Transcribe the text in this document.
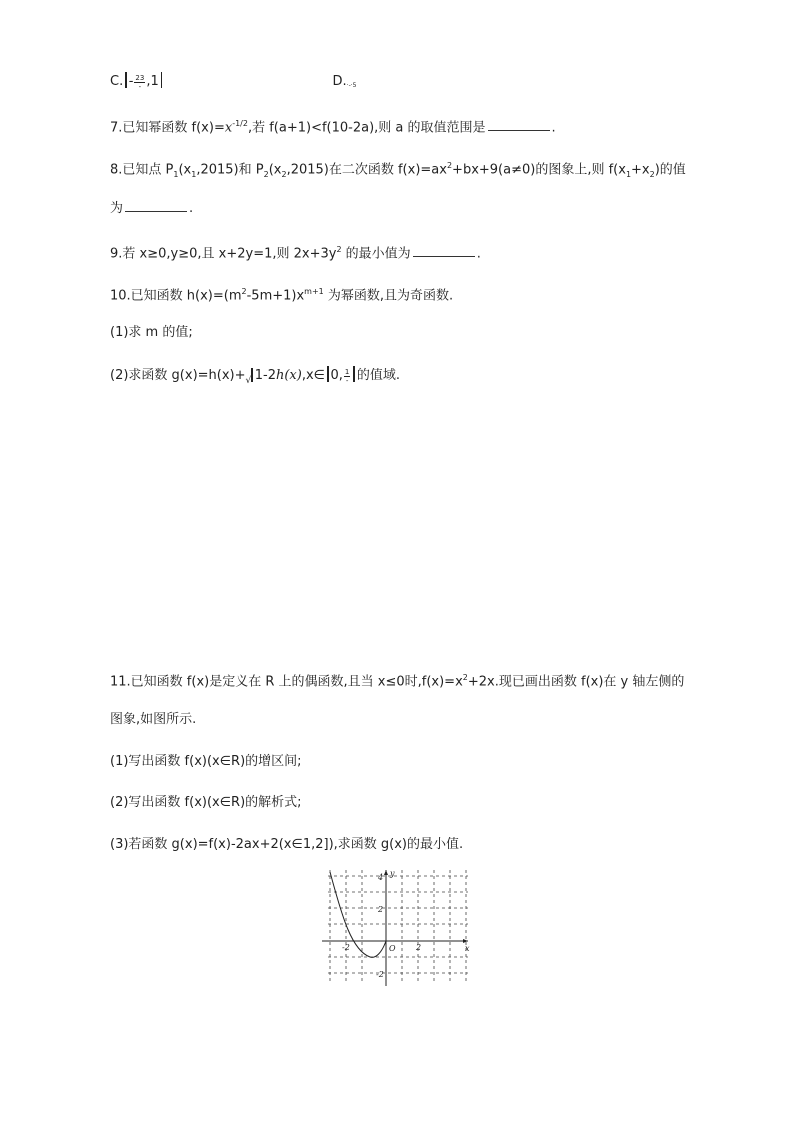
C. - $\frac{23}{-} ,1$	D.·-·5
7.已知幂函数 $f(x)=x^{-1/2}$,若 f(a+1)<f(10-2a),则 a 的取值范围是	.
8.已知点 $P_1(x_1,2015)$和 $P_2(x_2,2015)$在二次函数 $f(x)=ax^2+bx+9(a\ne 0)$的图象上,则 $f(x_1+x_2)$的值
为	.
9.若 x≥0,y≥0,且 x+2y=1,则 $2x+3y^2$ 的最小值为	.
10.已知函数 $h(x)=(m^2-5m+1)x^{m+1}$ 为幂函数,且为奇函数.
(1)求 m 的值;
(2)求函数 $g(x)=h(x)+_√$ 1-2h(x),x∈ 0, $\frac{1}{-}$ 的值域.
11.已知函数 f(x)是定义在 R 上的偶函数,且当 x≤0时$,f(x)=x^2+2x$.现已画出函数 f(x)在 y 轴左侧的
图象,如图所示.
(1)写出函数 f(x)(x∈R)的增区间;
(2)写出函数 f(x)(x∈R)的解析式;
(3)若函数 g(x)=f(x)-2ax+2(x∈1,2]),求函数 g(x)的最小值.
y
x
O
4
2
-2
-2	2
